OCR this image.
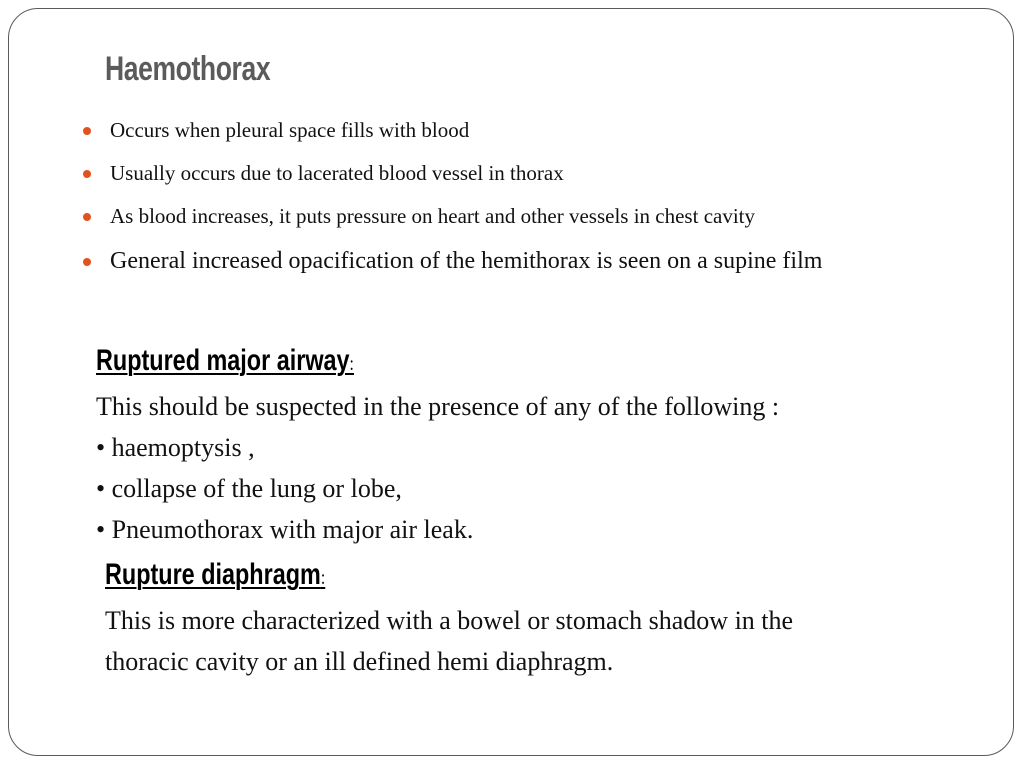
Haemothorax
Occurs when pleural space fills with blood
Usually occurs due to lacerated blood vessel in thorax
As blood increases, it puts pressure on heart and other vessels in chest cavity
General increased opacification of the hemithorax is seen on a supine film
Ruptured major airway:
This should be suspected in the presence of any of the following :
• haemoptysis ,
• collapse of the lung or lobe,
• Pneumothorax with major air leak.
Rupture diaphragm:
This is more characterized with a bowel or stomach shadow in the
thoracic cavity or an ill defined hemi diaphragm.
